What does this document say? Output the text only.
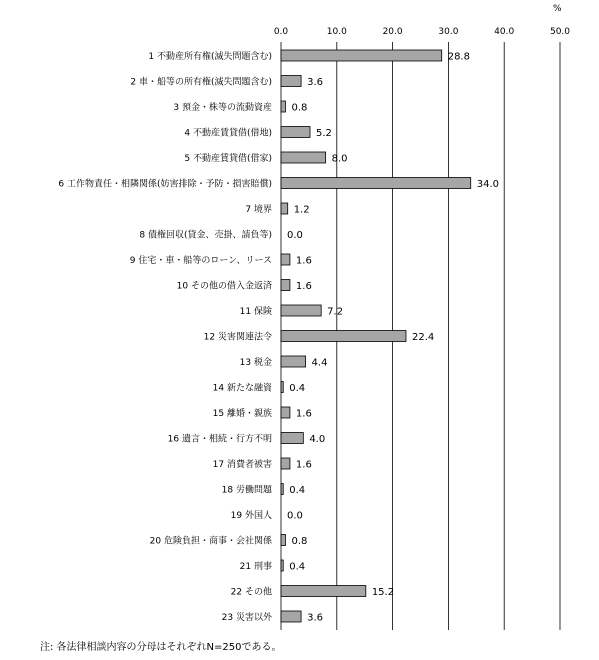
%
0.0	10.0	20.0	30.0	40.0	50.0
1 不動産所有権(滅失問題含む)	28.8
2 車・船等の所有権(滅失問題含む)	3.6
3 預金・株等の流動資産 0.8
4 不動産賃貸借(借地)	5.2
5 不動産賃貸借(借家)	8.0
6 工作物責任・相隣関係(妨害排除・予防・損害賠償)	34.0
7 境界 1.2
8 債権回収(貸金、売掛、請負等) 0.0
9 住宅・車・船等のローン、リース 1.6
10 その他の借入金返済 1.6
11 保険	7.2
12 災害関連法令	22.4
13 税金	4.4
14 新たな融資 0.4
15 離婚・親族 1.6
16 遺言・相続・行方不明	4.0
17 消費者被害 1.6
18 労働問題 0.4
19 外国人 0.0
20 危険負担・商事・会社関係 0.8
21 刑事 0.4
22 その他	15.2
23 災害以外	3.6
注: 各法律相談内容の分母はそれぞれN=250である。
